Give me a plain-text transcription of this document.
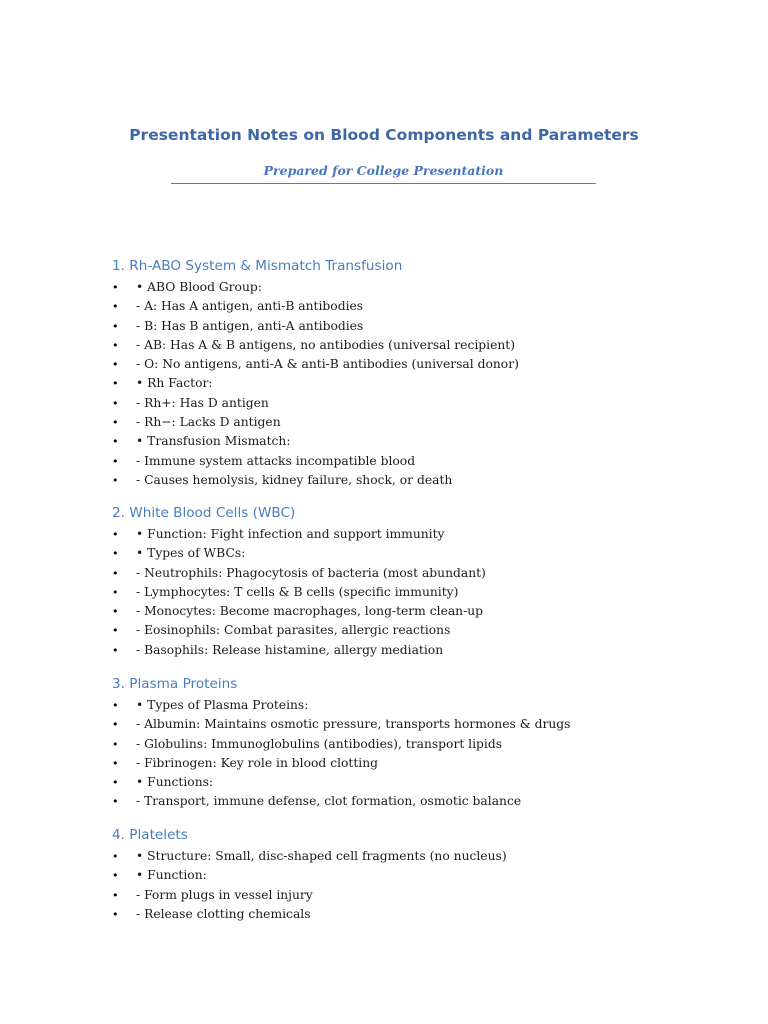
Presentation Notes on Blood Components and Parameters
Prepared for College Presentation
1. Rh-ABO System & Mismatch Transfusion
• • ABO Blood Group:
• - A: Has A antigen, anti-B antibodies
• - B: Has B antigen, anti-A antibodies
• - AB: Has A & B antigens, no antibodies (universal recipient)
• - O: No antigens, anti-A & anti-B antibodies (universal donor)
• • Rh Factor:
• - Rh+: Has D antigen
• - Rh−: Lacks D antigen
• • Transfusion Mismatch:
• - Immune system attacks incompatible blood
• - Causes hemolysis, kidney failure, shock, or death
2. White Blood Cells (WBC)
• • Function: Fight infection and support immunity
• • Types of WBCs:
• - Neutrophils: Phagocytosis of bacteria (most abundant)
• - Lymphocytes: T cells & B cells (specific immunity)
• - Monocytes: Become macrophages, long-term clean-up
• - Eosinophils: Combat parasites, allergic reactions
• - Basophils: Release histamine, allergy mediation
3. Plasma Proteins
• • Types of Plasma Proteins:
• - Albumin: Maintains osmotic pressure, transports hormones & drugs
• - Globulins: Immunoglobulins (antibodies), transport lipids
• - Fibrinogen: Key role in blood clotting
• • Functions:
• - Transport, immune defense, clot formation, osmotic balance
4. Platelets
• • Structure: Small, disc-shaped cell fragments (no nucleus)
• • Function:
• - Form plugs in vessel injury
• - Release clotting chemicals
